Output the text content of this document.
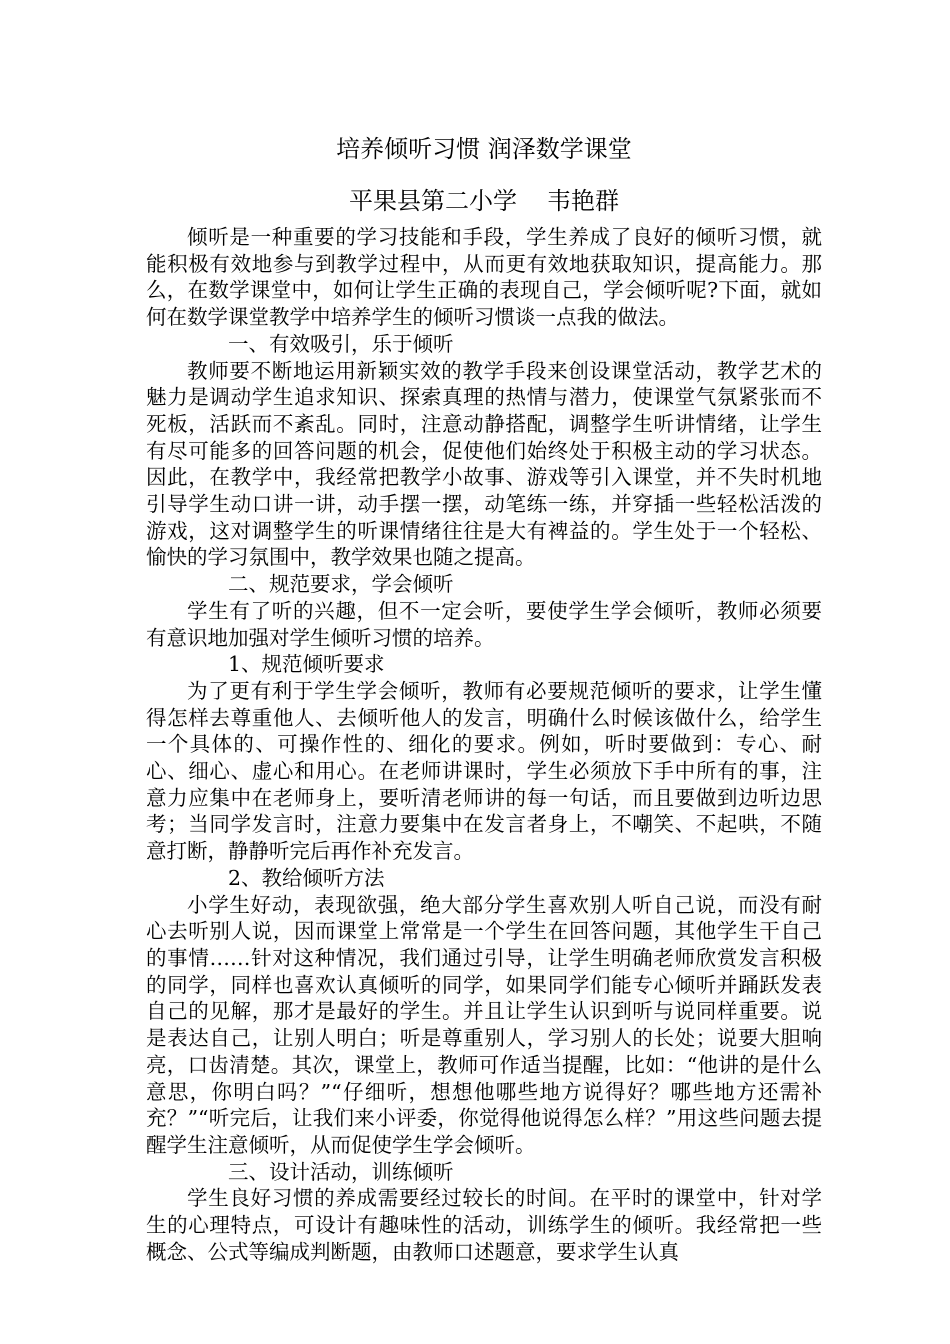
培养倾听习惯 润泽数学课堂
平果县第二小学 韦艳群

倾听是一种重要的学习技能和手段，学生养成了良好的倾听习惯，就能积极有效地参与到教学过程中，从而更有效地获取知识，提高能力。那么，在数学课堂中，如何让学生正确的表现自己，学会倾听呢?下面，就如何在数学课堂教学中培养学生的倾听习惯谈一点我的做法。

一、有效吸引，乐于倾听

教师要不断地运用新颖实效的教学手段来创设课堂活动，教学艺术的魅力是调动学生追求知识、探索真理的热情与潜力，使课堂气氛紧张而不死板，活跃而不紊乱。同时，注意动静搭配，调整学生听讲情绪，让学生有尽可能多的回答问题的机会，促使他们始终处于积极主动的学习状态。因此，在教学中，我经常把教学小故事、游戏等引入课堂，并不失时机地引导学生动口讲一讲，动手摆一摆，动笔练一练，并穿插一些轻松活泼的游戏，这对调整学生的听课情绪往往是大有裨益的。学生处于一个轻松、愉快的学习氛围中，教学效果也随之提高。

二、规范要求，学会倾听

学生有了听的兴趣，但不一定会听，要使学生学会倾听，教师必须要有意识地加强对学生倾听习惯的培养。

1、规范倾听要求

为了更有利于学生学会倾听，教师有必要规范倾听的要求，让学生懂得怎样去尊重他人、去倾听他人的发言，明确什么时候该做什么，给学生一个具体的、可操作性的、细化的要求。例如，听时要做到：专心、耐心、细心、虚心和用心。在老师讲课时，学生必须放下手中所有的事，注意力应集中在老师身上，要听清老师讲的每一句话，而且要做到边听边思考；当同学发言时，注意力要集中在发言者身上，不嘲笑、不起哄，不随意打断，静静听完后再作补充发言。

2、教给倾听方法

小学生好动，表现欲强，绝大部分学生喜欢别人听自己说，而没有耐心去听别人说，因而课堂上常常是一个学生在回答问题，其他学生干自己的事情……针对这种情况，我们通过引导，让学生明确老师欣赏发言积极的同学，同样也喜欢认真倾听的同学，如果同学们能专心倾听并踊跃发表自己的见解，那才是最好的学生。并且让学生认识到听与说同样重要。说是表达自己，让别人明白；听是尊重别人，学习别人的长处；说要大胆响亮，口齿清楚。其次，课堂上，教师可作适当提醒，比如：“他讲的是什么意思，你明白吗？”“仔细听，想想他哪些地方说得好？哪些地方还需补充？”“听完后，让我们来小评委，你觉得他说得怎么样？”用这些问题去提醒学生注意倾听，从而促使学生学会倾听。

三、设计活动，训练倾听

学生良好习惯的养成需要经过较长的时间。在平时的课堂中，针对学生的心理特点，可设计有趣味性的活动，训练学生的倾听。我经常把一些概念、公式等编成判断题，由教师口述题意，要求学生认真
